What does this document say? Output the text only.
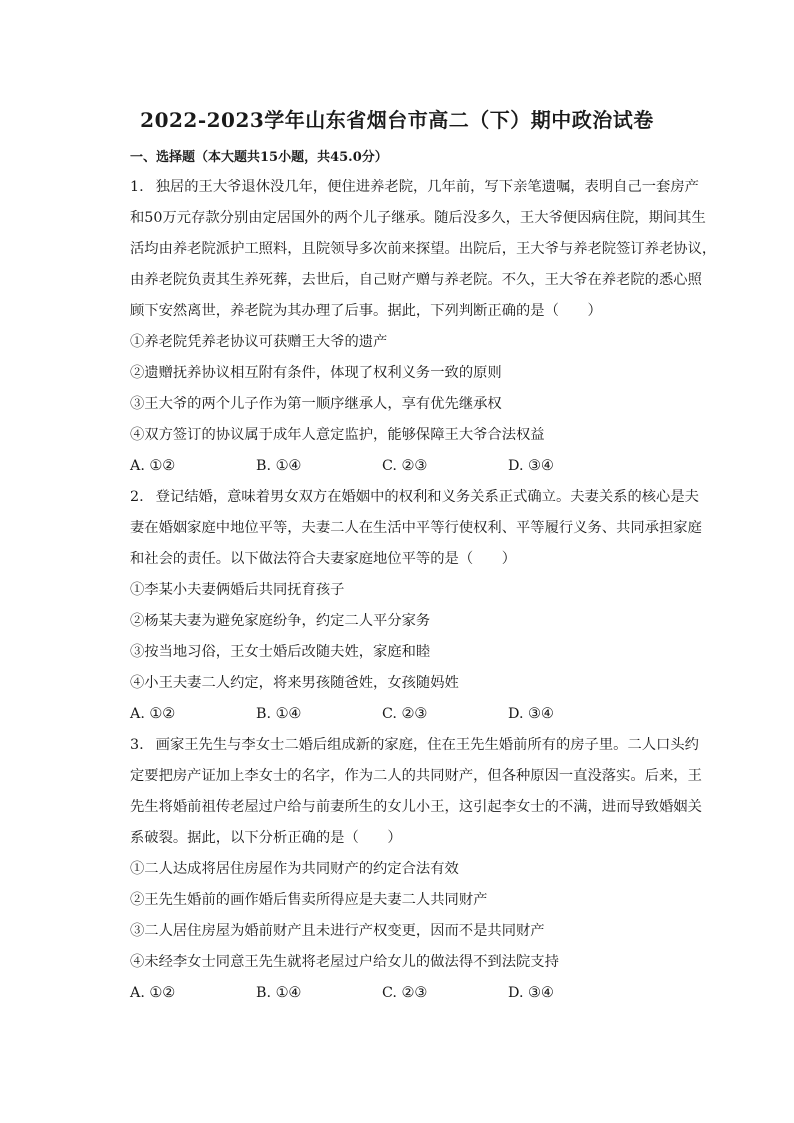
2022-2023学年山东省烟台市高二（下）期中政治试卷
一、选择题（本大题共15小题，共45.0分）

1. 独居的王大爷退休没几年，便住进养老院，几年前，写下亲笔遗嘱，表明自己一套房产

和50万元存款分别由定居国外的两个儿子继承。随后没多久，王大爷便因病住院，期间其生

活均由养老院派护工照料，且院领导多次前来探望。出院后，王大爷与养老院签订养老协议，

由养老院负责其生养死葬，去世后，自己财产赠与养老院。不久，王大爷在养老院的悉心照

顾下安然离世，养老院为其办理了后事。据此，下列判断正确的是（　　）

①养老院凭养老协议可获赠王大爷的遗产

②遗赠抚养协议相互附有条件，体现了权利义务一致的原则

③王大爷的两个儿子作为第一顺序继承人，享有优先继承权

④双方签订的协议属于成年人意定监护，能够保障王大爷合法权益

A. ①②	B. ①④	C. ②③	D. ③④

2. 登记结婚，意味着男女双方在婚姻中的权利和义务关系正式确立。夫妻关系的核心是夫

妻在婚姻家庭中地位平等，夫妻二人在生活中平等行使权利、平等履行义务、共同承担家庭

和社会的责任。以下做法符合夫妻家庭地位平等的是（　　）

①李某小夫妻俩婚后共同抚育孩子

②杨某夫妻为避免家庭纷争，约定二人平分家务

③按当地习俗，王女士婚后改随夫姓，家庭和睦

④小王夫妻二人约定，将来男孩随爸姓，女孩随妈姓

A. ①②	B. ①④	C. ②③	D. ③④

3. 画家王先生与李女士二婚后组成新的家庭，住在王先生婚前所有的房子里。二人口头约

定要把房产证加上李女士的名字，作为二人的共同财产，但各种原因一直没落实。后来，王

先生将婚前祖传老屋过户给与前妻所生的女儿小王，这引起李女士的不满，进而导致婚姻关

系破裂。据此，以下分析正确的是（　　）

①二人达成将居住房屋作为共同财产的约定合法有效

②王先生婚前的画作婚后售卖所得应是夫妻二人共同财产

③二人居住房屋为婚前财产且未进行产权变更，因而不是共同财产

④未经李女士同意王先生就将老屋过户给女儿的做法得不到法院支持

A. ①②	B. ①④	C. ②③	D. ③④
